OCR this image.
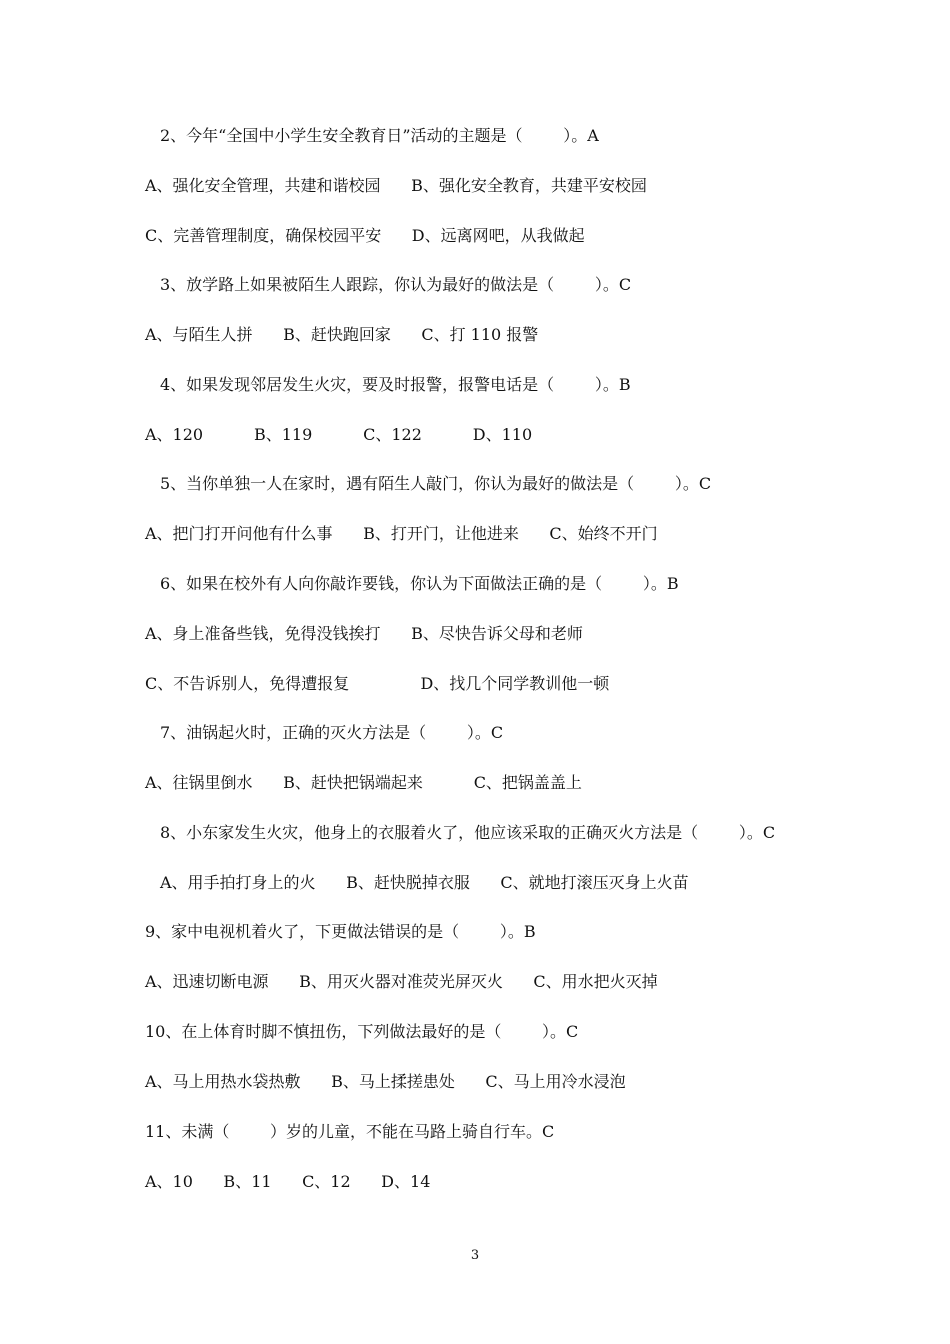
2、今年“全国中小学生安全教育日”活动的主题是（        ）。A
A、强化安全管理，共建和谐校园      B、强化安全教育，共建平安校园
C、完善管理制度，确保校园平安      D、远离网吧，从我做起
3、放学路上如果被陌生人跟踪，你认为最好的做法是（        ）。C
A、与陌生人拼      B、赶快跑回家      C、打 110 报警
4、如果发现邻居发生火灾，要及时报警，报警电话是（        ）。B
A、120          B、119          C、122          D、110
5、当你单独一人在家时，遇有陌生人敲门，你认为最好的做法是（        ）。C
A、把门打开问他有什么事      B、打开门，让他进来      C、始终不开门
6、如果在校外有人向你敲诈要钱，你认为下面做法正确的是（        ）。B
A、身上准备些钱，免得没钱挨打      B、尽快告诉父母和老师
C、不告诉别人，免得遭报复              D、找几个同学教训他一顿
7、油锅起火时，正确的灭火方法是（        ）。C
A、往锅里倒水      B、赶快把锅端起来          C、把锅盖盖上
8、小东家发生火灾，他身上的衣服着火了，他应该采取的正确灭火方法是（        ）。C
A、用手拍打身上的火      B、赶快脱掉衣服      C、就地打滚压灭身上火苗
9、家中电视机着火了，下更做法错误的是（        ）。B
A、迅速切断电源      B、用灭火器对准荧光屏灭火      C、用水把火灭掉
10、在上体育时脚不慎扭伤，下列做法最好的是（        ）。C
A、马上用热水袋热敷      B、马上揉搓患处      C、马上用冷水浸泡
11、未满（        ）岁的儿童，不能在马路上骑自行车。C
A、10      B、11      C、12      D、14
3
